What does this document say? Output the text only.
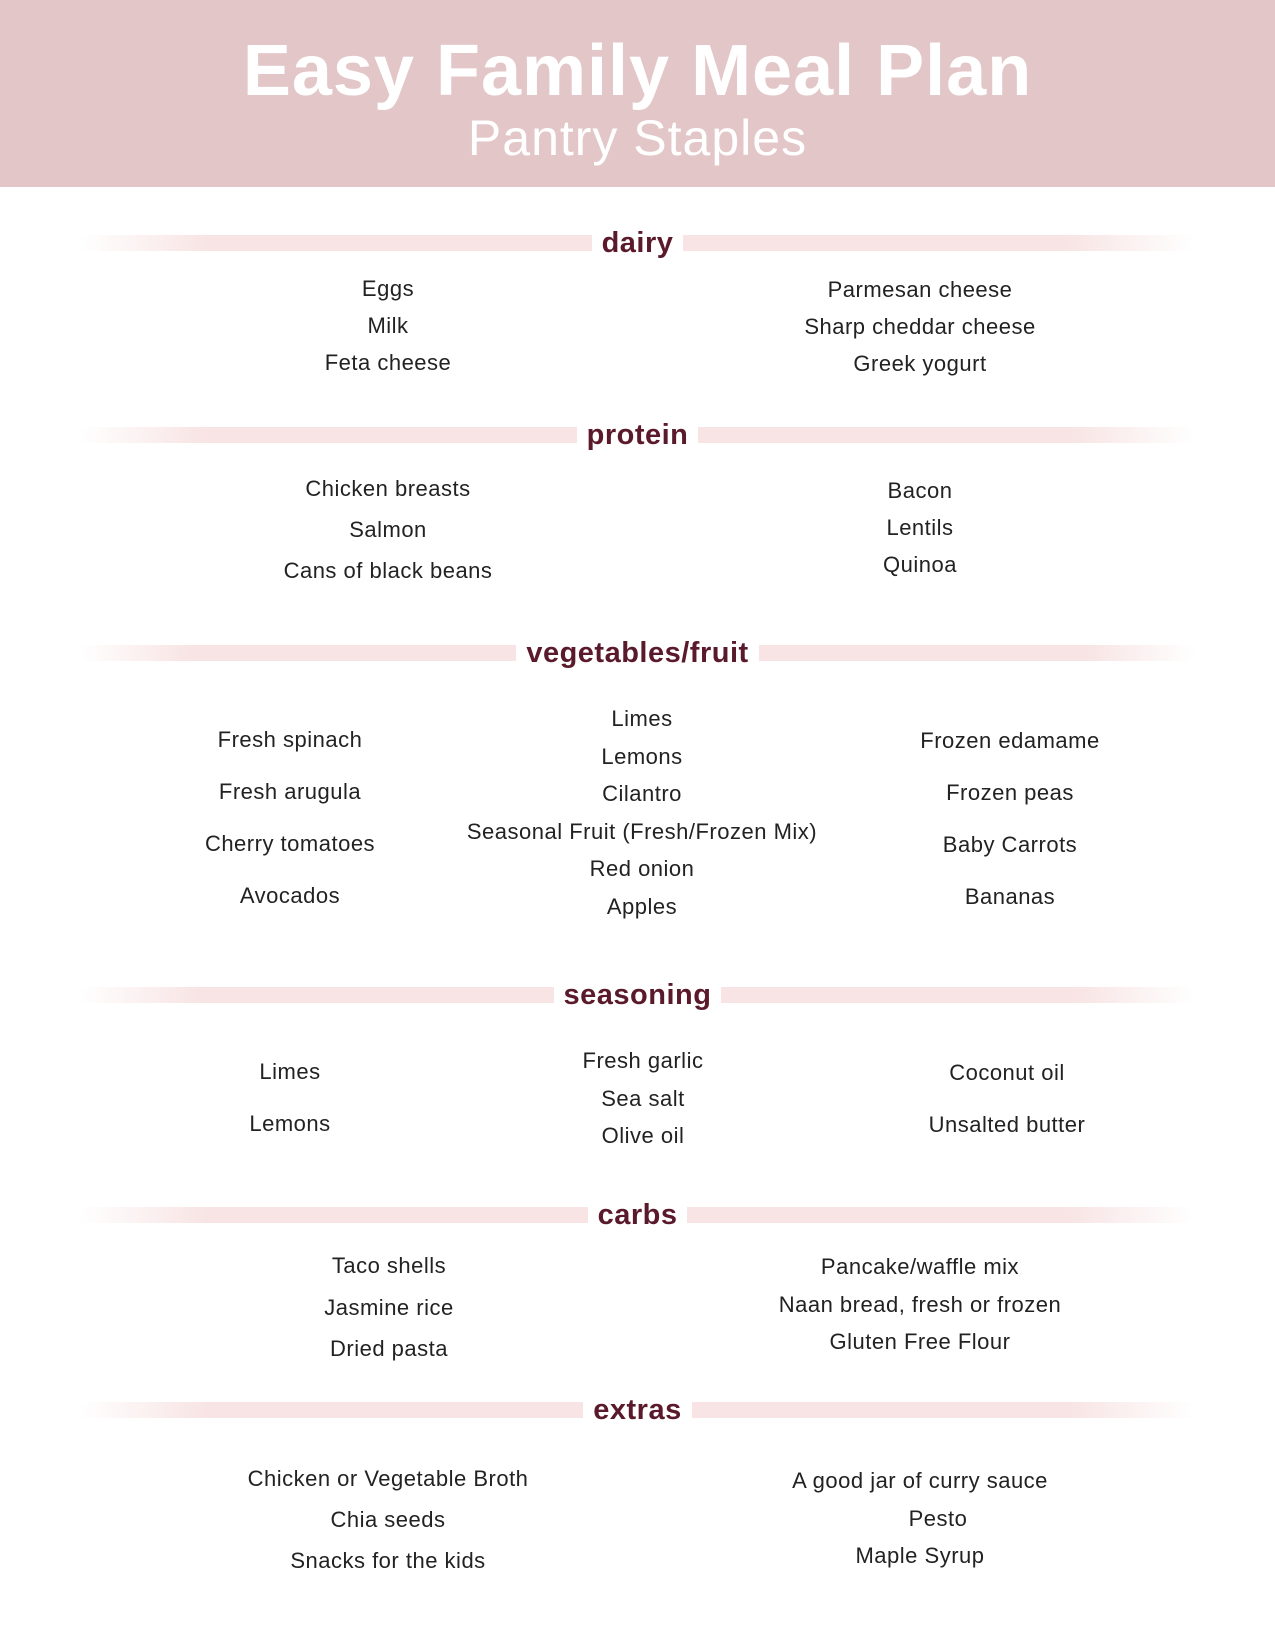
Easy Family Meal Plan
Pantry Staples
dairy
Eggs
Milk
Feta cheese
Parmesan cheese
Sharp cheddar cheese
Greek yogurt
protein
Chicken breasts
Salmon
Cans of black beans
Bacon
Lentils
Quinoa
vegetables/fruit
Fresh spinach
Fresh arugula
Cherry tomatoes
Avocados
Limes
Lemons
Cilantro
Seasonal Fruit (Fresh/Frozen Mix)
Red onion
Apples
Frozen edamame
Frozen peas
Baby Carrots
Bananas
seasoning
Limes
Lemons
Fresh garlic
Sea salt
Olive oil
Coconut oil
Unsalted butter
carbs
Taco shells
Jasmine rice
Dried pasta
Pancake/waffle mix
Naan bread, fresh or frozen
Gluten Free Flour
extras
Chicken or Vegetable Broth
Chia seeds
Snacks for the kids
A good jar of curry sauce
Pesto
Maple Syrup
